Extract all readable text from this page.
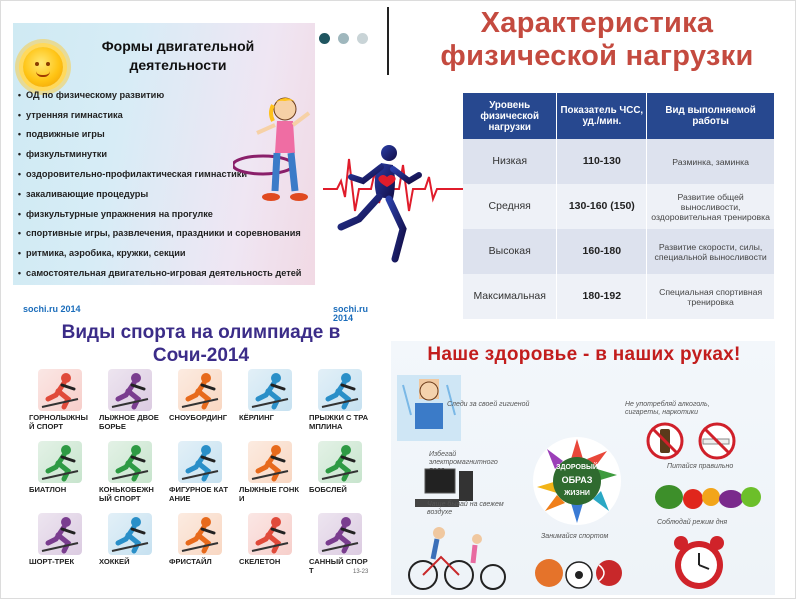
Формы двигательной деятельности
• ОД по физическому развитию
• утренняя гимнастика
• подвижные игры
• физкультминутки
• оздоровительно-профилактическая гимнастики
• закаливающие процедуры
• физкультурные упражнения на прогулке
• спортивные игры, развлечения, праздники и соревнования
• ритмика, аэробика, кружки, секции
• самостоятельная двигательно-игровая деятельность детей
Характеристика физической нагрузки
Уровень физической нагрузки	Показатель ЧСС, уд./мин.	Вид выполняемой работы
Низкая	110-130	Разминка, заминка
Средняя	130-160 (150)	Развитие общей выносливости, оздоровительная тренировка
Высокая	160-180	Развитие скорости, силы, специальной выносливости
Максимальная	180-192	Специальная спортивная тренировка
sochi.ru 2014	sochi.ru 2014
Виды спорта на олимпиаде в Сочи-2014
ГОРНОЛЫЖНЫЙ СПОРТ
ЛЫЖНОЕ ДВОЕБОРЬЕ
СНОУБОРДИНГ	КЁРЛИНГ	ПРЫЖКИ С ТРАМПЛИНА
БИАТЛОН	КОНЬКОБЕЖНЫЙ СПОРТ
ФИГУРНОЕ КАТАНИЕ
ЛЫЖНЫЕ ГОНКИ
БОБСЛЕЙ
ШОРТ-ТРЕК	ХОККЕЙ	ФРИСТАЙЛ	СКЕЛЕТОН	САННЫЙ СПОРТ	13-23
Наше здоровье - в наших руках!
Следи за своей гигиеной	Не употребляй алкоголь, сигареты, наркотики
Избегай электромагнитного
ЗДОРОВЫЙ
ОБРАЗ
ЖИЗНИ
Питайся правильно
Чаще бывай на свежем воздухе
Занимайся спортом
Соблюдай режим дня
